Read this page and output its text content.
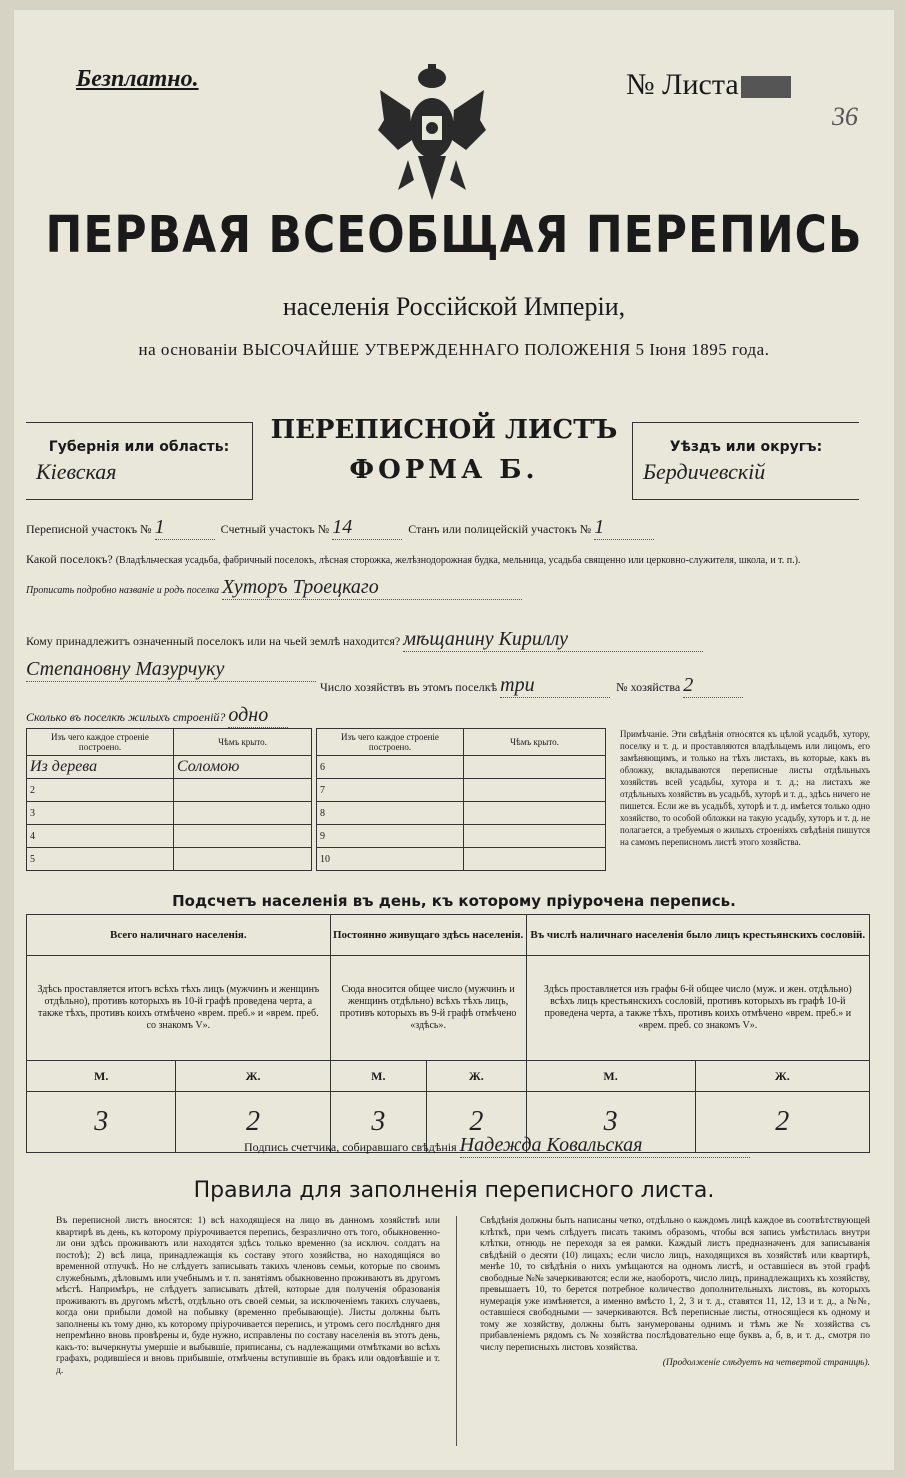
Безплатно.	№ Листа
36
ПЕРВАЯ ВСЕОБЩАЯ ПЕРЕПИСЬ
населенія Россійской Имперіи,
на основаніи ВЫСОЧАЙШЕ УТВЕРЖДЕННАГО ПОЛОЖЕНІЯ 5 Іюня 1895 года.
Губернія или область:
Кіевская
ПЕРЕПИСНОЙ ЛИСТЪ
ФОРМА Б.
Уѣздъ или округъ:
Бердичевскій
Переписной участокъ № 1	Счетный участокъ № 14	Станъ или полицейскій участокъ № 1
Какой поселокъ? (Владѣльческая усадьба, фабричный поселокъ, лѣсная сторожка, желѣзнодорожная будка, мельница, усадьба священно или церковно-служителя, школа, и т. п.).
Прописать подробно названіе и родъ поселка Хуторъ Троецкаго
Кому принадлежитъ означенный поселокъ или на чьей землѣ находится? мѣщанину Кириллу
Степановну Мазурчуку
Число хозяйствъ въ этомъ поселкѣ три	№ хозяйства 2
Сколько въ поселкѣ жилыхъ строеній? одно
Изъ чего каждое строеніе построено.	Чѣмъ крыто.
Из дерева	Соломою
2	
3	
4	
5	
Изъ чего каждое строеніе построено.	Чѣмъ крыто.
6	
7	
8	
9	
10	
Примѣчаніе. Эти свѣдѣнія относятся къ цѣлой усадьбѣ, хутору, поселку и т. д. и проставляются владѣльцемъ или лицомъ, его замѣняющимъ, и только на тѣхъ листахъ, въ которые, какъ въ обложку, вкладываются переписные листы отдѣльныхъ хозяйствъ всей усадьбы, хутора и т. д.; на листахъ же отдѣльныхъ хозяйствъ въ усадьбѣ, хуторѣ и т. д., здѣсь ничего не пишется. Если же въ усадьбѣ, хуторѣ и т. д. имѣется только одно хозяйство, то особой обложки на такую усадьбу, хуторъ и т. д. не полагается, а требуемыя о жилыхъ строеніяхъ свѣдѣнія пишутся на самомъ переписномъ листѣ этого хозяйства.
Подсчетъ населенія въ день, къ которому пріурочена перепись.
Всего наличнаго населенія.		Постоянно живущаго здѣсь населенія.		Въ числѣ наличнаго населенія было лицъ крестьянскихъ сословій.	
Здѣсь проставляется итогъ всѣхъ тѣхъ лицъ (мужчинъ и женщинъ отдѣльно), противъ которыхъ въ 10-й графѣ проведена черта, а также тѣхъ, противъ коихъ отмѣчено «врем. преб.» и «врем. преб. со знакомъ V».		Сюда вносится общее число (мужчинъ и женщинъ отдѣльно) всѣхъ тѣхъ лицъ, противъ которыхъ въ 9-й графѣ отмѣчено «здѣсь».		Здѣсь проставляется изъ графы 6-й общее число (муж. и жен. отдѣльно) всѣхъ лицъ крестьянскихъ сословій, противъ которыхъ въ графѣ 10-й проведена черта, а также тѣхъ, противъ коихъ отмѣчено «врем. преб.» и «врем. преб. со знакомъ V».	
М.	Ж.	М.	Ж.	М.	Ж.
3	2	3	2	3	2
Подпись счетчика, собиравшаго свѣдѣнія Надежда Ковальская
Правила для заполненія переписного листа.
Въ переписной листъ вносятся: 1) всѣ находящіеся на лицо въ данномъ хозяйствѣ или квартирѣ въ день, къ которому пріурочивается перепись, безразлично отъ того, обыкновенно-ли они здѣсь проживаютъ или находятся здѣсь только временно (за исключ. солдатъ на постоѣ); 2) всѣ лица, принадлежащія къ составу этого хозяйства, но находящіяся во временной отлучкѣ. Но не слѣдуетъ записывать такихъ членовъ семьи, которые по своимъ служебнымъ, дѣловымъ или учебнымъ и т. п. занятіямъ обыкновенно проживаютъ въ другомъ мѣстѣ. Напримѣръ, не слѣдуетъ записывать дѣтей, которые для полученія образованія проживаютъ въ другомъ мѣстѣ, отдѣльно отъ своей семьи, за исключеніемъ такихъ случаевъ, когда они прибыли домой на побывку (временно пребывающіе). Листы должны быть заполнены къ тому дню, къ которому пріурочивается перепись, и утромъ сего послѣдняго дня непремѣнно вновь провѣрены и, буде нужно, исправлены по составу населенія въ этотъ день, какъ-то: вычеркнуты умершіе и выбывшіе, приписаны, съ надлежащими отмѣтками во всѣхъ графахъ, родившіеся и вновь прибывшіе, отмѣчены вступившіе въ бракъ или овдовѣвшіе и т. д.
Свѣдѣнія должны быть написаны четко, отдѣльно о каждомъ лицѣ каждое въ соотвѣтствующей клѣткѣ, при чемъ слѣдуетъ писать такимъ образомъ, чтобы вся запись умѣстилась внутри клѣтки, отнюдь не переходя за ея рамки. Каждый листъ предназначенъ для записыванія свѣдѣній о десяти (10) лицахъ; если число лицъ, находящихся въ хозяйствѣ или квартирѣ, менѣе 10, то свѣдѣнія о нихъ умѣщаются на одномъ листѣ, и оставшіеся въ этой графѣ свободные №№ зачеркиваются; если же, наоборотъ, число лицъ, принадлежащихъ къ хозяйству, превышаетъ 10, то берется потребное количество дополнительныхъ листовъ, въ которыхъ нумерація уже измѣняется, а именно вмѣсто 1, 2, 3 и т. д., ставятся 11, 12, 13 и т. д., а №№, оставшіеся свободными — зачеркиваются. Всѣ переписные листы, относящіеся къ одному и тому же хозяйству, должны быть занумерованы однимъ и тѣмъ же № хозяйства съ прибавленіемъ рядомъ съ № хозяйства послѣдовательно еще буквъ а, б, в, и т. д., смотря по числу переписныхъ листовъ хозяйства.
(Продолженіе слѣдуетъ на четвертой страницѣ).
